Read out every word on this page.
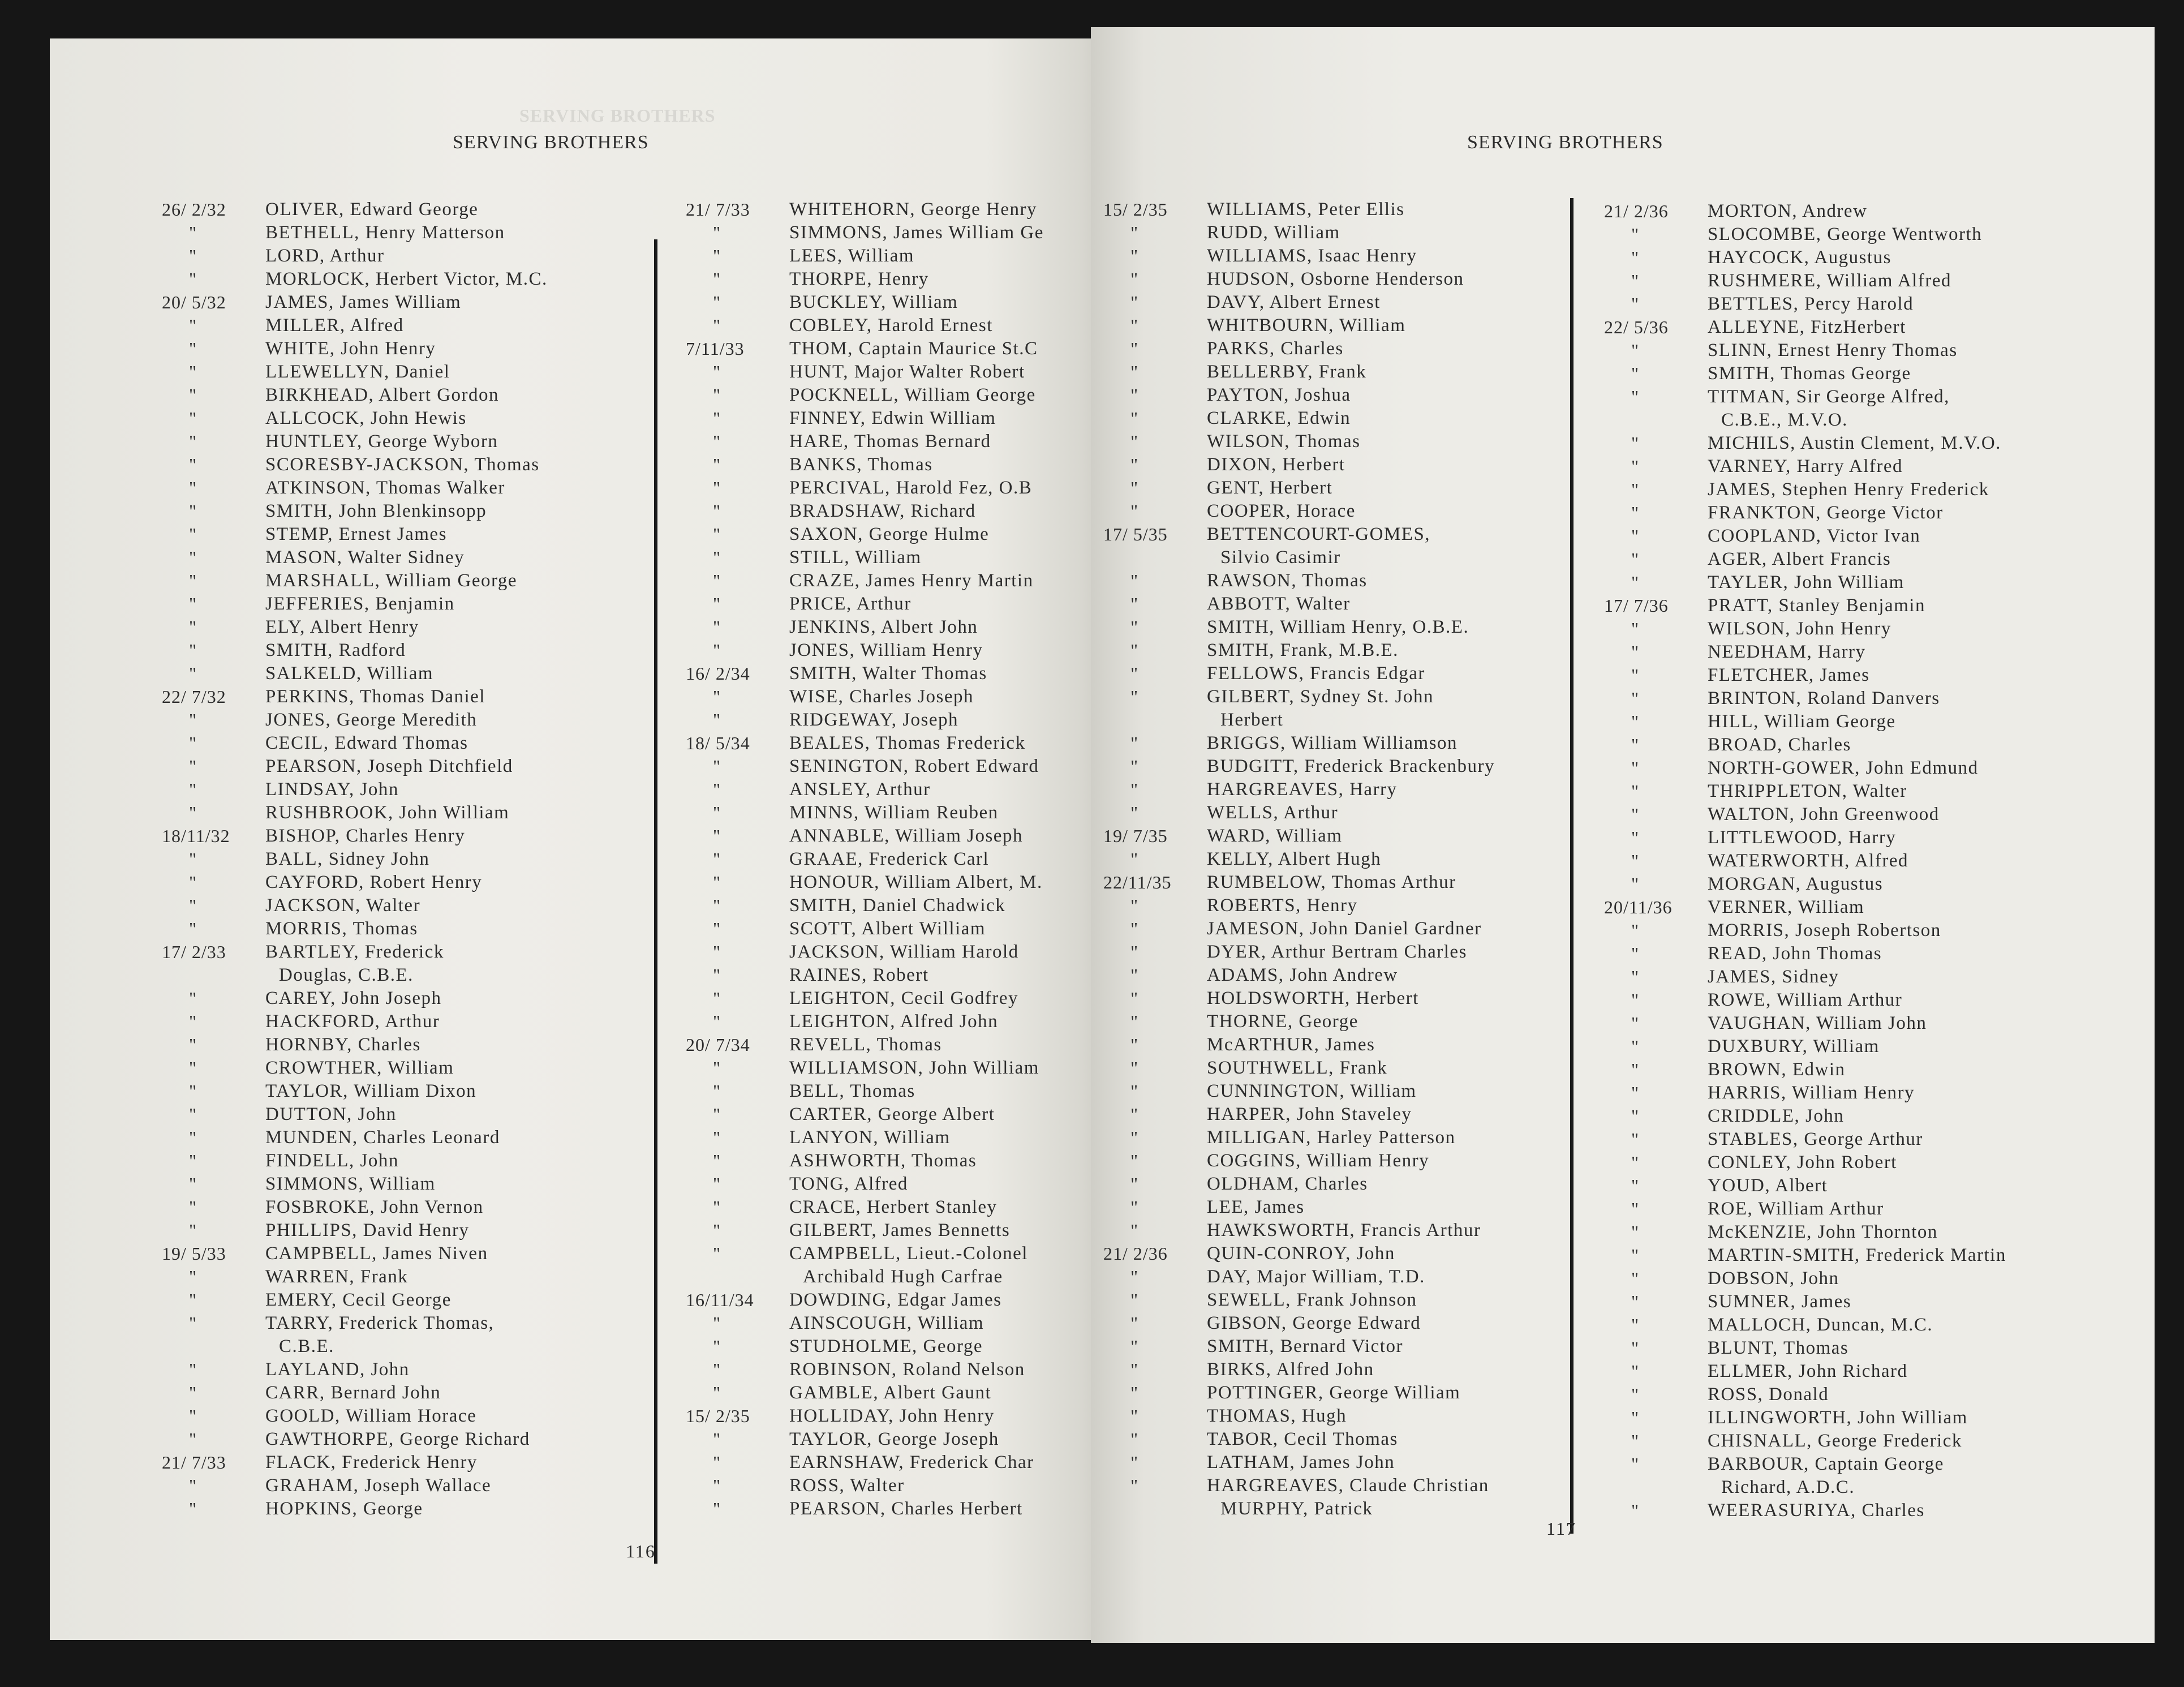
SERVING BROTHERS
SERVING BROTHERS
26/ 2/32	OLIVER, Edward George
"	BETHELL, Henry Matterson
"	LORD, Arthur
"	MORLOCK, Herbert Victor, M.C.
20/ 5/32	JAMES, James William
"	MILLER, Alfred
"	WHITE, John Henry
"	LLEWELLYN, Daniel
"	BIRKHEAD, Albert Gordon
"	ALLCOCK, John Hewis
"	HUNTLEY, George Wyborn
"	SCORESBY-JACKSON, Thomas
"	ATKINSON, Thomas Walker
"	SMITH, John Blenkinsopp
"	STEMP, Ernest James
"	MASON, Walter Sidney
"	MARSHALL, William George
"	JEFFERIES, Benjamin
"	ELY, Albert Henry
"	SMITH, Radford
"	SALKELD, William
22/ 7/32	PERKINS, Thomas Daniel
"	JONES, George Meredith
"	CECIL, Edward Thomas
"	PEARSON, Joseph Ditchfield
"	LINDSAY, John
"	RUSHBROOK, John William
18/11/32	BISHOP, Charles Henry
"	BALL, Sidney John
"	CAYFORD, Robert Henry
"	JACKSON, Walter
"	MORRIS, Thomas
17/ 2/33	BARTLEY, Frederick
Douglas, C.B.E.
"	CAREY, John Joseph
"	HACKFORD, Arthur
"	HORNBY, Charles
"	CROWTHER, William
"	TAYLOR, William Dixon
"	DUTTON, John
"	MUNDEN, Charles Leonard
"	FINDELL, John
"	SIMMONS, William
"	FOSBROKE, John Vernon
"	PHILLIPS, David Henry
19/ 5/33	CAMPBELL, James Niven
"	WARREN, Frank
"	EMERY, Cecil George
"	TARRY, Frederick Thomas,
C.B.E.
"	LAYLAND, John
"	CARR, Bernard John
"	GOOLD, William Horace
"	GAWTHORPE, George Richard
21/ 7/33	FLACK, Frederick Henry
"	GRAHAM, Joseph Wallace
"	HOPKINS, George
21/ 7/33	WHITEHORN, George Henry
"	SIMMONS, James William Ge
"	LEES, William
"	THORPE, Henry
"	BUCKLEY, William
"	COBLEY, Harold Ernest
7/11/33	THOM, Captain Maurice St.C
"	HUNT, Major Walter Robert
"	POCKNELL, William George
"	FINNEY, Edwin William
"	HARE, Thomas Bernard
"	BANKS, Thomas
"	PERCIVAL, Harold Fez, O.B
"	BRADSHAW, Richard
"	SAXON, George Hulme
"	STILL, William
"	CRAZE, James Henry Martin
"	PRICE, Arthur
"	JENKINS, Albert John
"	JONES, William Henry
16/ 2/34	SMITH, Walter Thomas
"	WISE, Charles Joseph
"	RIDGEWAY, Joseph
18/ 5/34	BEALES, Thomas Frederick
"	SENINGTON, Robert Edward
"	ANSLEY, Arthur
"	MINNS, William Reuben
"	ANNABLE, William Joseph
"	GRAAE, Frederick Carl
"	HONOUR, William Albert, M.
"	SMITH, Daniel Chadwick
"	SCOTT, Albert William
"	JACKSON, William Harold
"	RAINES, Robert
"	LEIGHTON, Cecil Godfrey
"	LEIGHTON, Alfred John
20/ 7/34	REVELL, Thomas
"	WILLIAMSON, John William
"	BELL, Thomas
"	CARTER, George Albert
"	LANYON, William
"	ASHWORTH, Thomas
"	TONG, Alfred
"	CRACE, Herbert Stanley
"	GILBERT, James Bennetts
"	CAMPBELL, Lieut.-Colonel
Archibald Hugh Carfrae
16/11/34	DOWDING, Edgar James
"	AINSCOUGH, William
"	STUDHOLME, George
"	ROBINSON, Roland Nelson
"	GAMBLE, Albert Gaunt
15/ 2/35	HOLLIDAY, John Henry
"	TAYLOR, George Joseph
"	EARNSHAW, Frederick Char
"	ROSS, Walter
"	PEARSON, Charles Herbert
116
SERVING BROTHERS
15/ 2/35	WILLIAMS, Peter Ellis
"	RUDD, William
"	WILLIAMS, Isaac Henry
"	HUDSON, Osborne Henderson
"	DAVY, Albert Ernest
"	WHITBOURN, William
"	PARKS, Charles
"	BELLERBY, Frank
"	PAYTON, Joshua
"	CLARKE, Edwin
"	WILSON, Thomas
"	DIXON, Herbert
"	GENT, Herbert
"	COOPER, Horace
17/ 5/35	BETTENCOURT-GOMES,
Silvio Casimir
"	RAWSON, Thomas
"	ABBOTT, Walter
"	SMITH, William Henry, O.B.E.
"	SMITH, Frank, M.B.E.
"	FELLOWS, Francis Edgar
"	GILBERT, Sydney St. John
Herbert
"	BRIGGS, William Williamson
"	BUDGITT, Frederick Brackenbury
"	HARGREAVES, Harry
"	WELLS, Arthur
19/ 7/35	WARD, William
"	KELLY, Albert Hugh
22/11/35	RUMBELOW, Thomas Arthur
"	ROBERTS, Henry
"	JAMESON, John Daniel Gardner
"	DYER, Arthur Bertram Charles
"	ADAMS, John Andrew
"	HOLDSWORTH, Herbert
"	THORNE, George
"	McARTHUR, James
"	SOUTHWELL, Frank
"	CUNNINGTON, William
"	HARPER, John Staveley
"	MILLIGAN, Harley Patterson
"	COGGINS, William Henry
"	OLDHAM, Charles
"	LEE, James
"	HAWKSWORTH, Francis Arthur
21/ 2/36	QUIN-CONROY, John
"	DAY, Major William, T.D.
"	SEWELL, Frank Johnson
"	GIBSON, George Edward
"	SMITH, Bernard Victor
"	BIRKS, Alfred John
"	POTTINGER, George William
"	THOMAS, Hugh
"	TABOR, Cecil Thomas
"	LATHAM, James John
"	HARGREAVES, Claude Christian
MURPHY, Patrick
21/ 2/36	MORTON, Andrew
"	SLOCOMBE, George Wentworth
"	HAYCOCK, Augustus
"	RUSHMERE, William Alfred
"	BETTLES, Percy Harold
22/ 5/36	ALLEYNE, FitzHerbert
"	SLINN, Ernest Henry Thomas
"	SMITH, Thomas George
"	TITMAN, Sir George Alfred,
C.B.E., M.V.O.
"	MICHILS, Austin Clement, M.V.O.
"	VARNEY, Harry Alfred
"	JAMES, Stephen Henry Frederick
"	FRANKTON, George Victor
"	COOPLAND, Victor Ivan
"	AGER, Albert Francis
"	TAYLER, John William
17/ 7/36	PRATT, Stanley Benjamin
"	WILSON, John Henry
"	NEEDHAM, Harry
"	FLETCHER, James
"	BRINTON, Roland Danvers
"	HILL, William George
"	BROAD, Charles
"	NORTH-GOWER, John Edmund
"	THRIPPLETON, Walter
"	WALTON, John Greenwood
"	LITTLEWOOD, Harry
"	WATERWORTH, Alfred
"	MORGAN, Augustus
20/11/36	VERNER, William
"	MORRIS, Joseph Robertson
"	READ, John Thomas
"	JAMES, Sidney
"	ROWE, William Arthur
"	VAUGHAN, William John
"	DUXBURY, William
"	BROWN, Edwin
"	HARRIS, William Henry
"	CRIDDLE, John
"	STABLES, George Arthur
"	CONLEY, John Robert
"	YOUD, Albert
"	ROE, William Arthur
"	McKENZIE, John Thornton
"	MARTIN-SMITH, Frederick Martin
"	DOBSON, John
"	SUMNER, James
"	MALLOCH, Duncan, M.C.
"	BLUNT, Thomas
"	ELLMER, John Richard
"	ROSS, Donald
"	ILLINGWORTH, John William
"	CHISNALL, George Frederick
"	BARBOUR, Captain George
Richard, A.D.C.
"	WEERASURIYA, Charles
117
